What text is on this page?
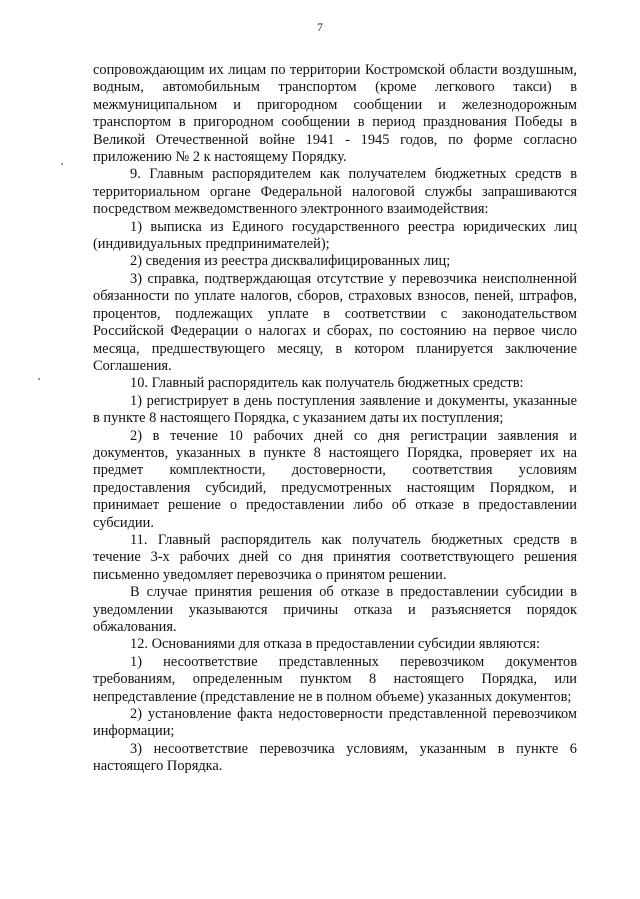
7

сопровождающим их лицам по территории Костромской области воздушным, водным, автомобильным транспортом (кроме легкового такси) в межмуниципальном и пригородном сообщении и железнодорожным транспортом в пригородном сообщении в период празднования Победы в Великой Отечественной войне 1941 - 1945 годов, по форме согласно приложению № 2 к настоящему Порядку.

9. Главным распорядителем как получателем бюджетных средств в территориальном органе Федеральной налоговой службы запрашиваются посредством межведомственного электронного взаимодействия:

1) выписка из Единого государственного реестра юридических лиц (индивидуальных предпринимателей);

2) сведения из реестра дисквалифицированных лиц;

3) справка, подтверждающая отсутствие у перевозчика неисполненной обязанности по уплате налогов, сборов, страховых взносов, пеней, штрафов, процентов, подлежащих уплате в соответствии с законодательством Российской Федерации о налогах и сборах, по состоянию на первое число месяца, предшествующего месяцу, в котором планируется заключение Соглашения.

10. Главный распорядитель как получатель бюджетных средств:

1) регистрирует в день поступления заявление и документы, указанные в пункте 8 настоящего Порядка, с указанием даты их поступления;

2) в течение 10 рабочих дней со дня регистрации заявления и документов, указанных в пункте 8 настоящего Порядка, проверяет их на предмет комплектности, достоверности, соответствия условиям предоставления субсидий, предусмотренных настоящим Порядком, и принимает решение о предоставлении либо об отказе в предоставлении субсидии.

11. Главный распорядитель как получатель бюджетных средств в течение 3-х рабочих дней со дня принятия соответствующего решения письменно уведомляет перевозчика о принятом решении.

В случае принятия решения об отказе в предоставлении субсидии в уведомлении указываются причины отказа и разъясняется порядок обжалования.

12. Основаниями для отказа в предоставлении субсидии являются:

1) несоответствие представленных перевозчиком документов требованиям, определенным пунктом 8 настоящего Порядка, или непредставление (представление не в полном объеме) указанных документов;

2) установление факта недостоверности представленной перевозчиком информации;

3) несоответствие перевозчика условиям, указанным в пункте 6 настоящего Порядка.
